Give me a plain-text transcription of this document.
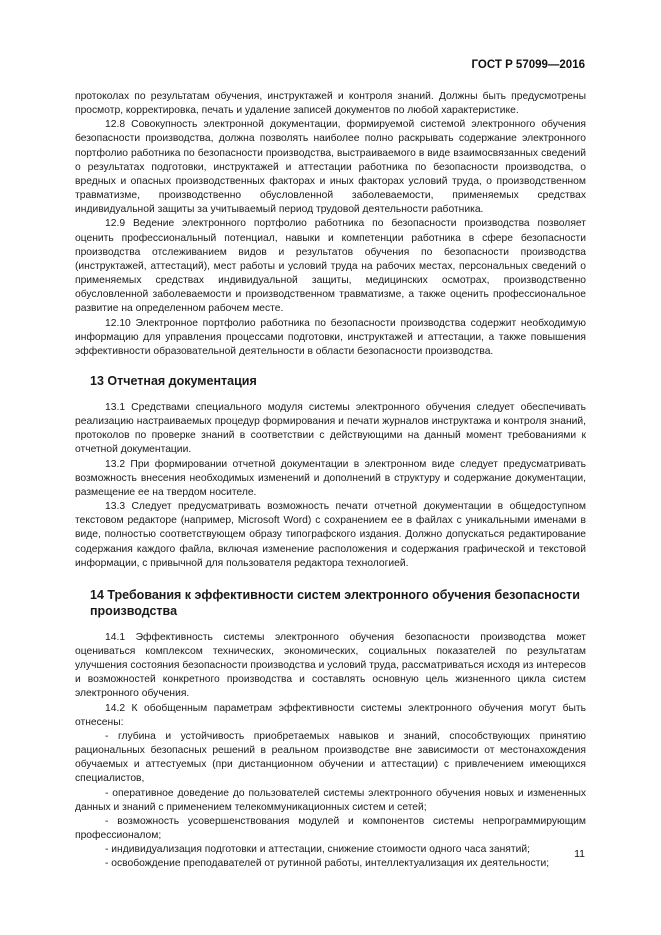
ГОСТ Р 57099—2016

протоколах по результатам обучения, инструктажей и контроля знаний. Должны быть предусмотрены просмотр, корректировка, печать и удаление записей документов по любой характеристике.

12.8 Совокупность электронной документации, формируемой системой электронного обучения безопасности производства, должна позволять наиболее полно раскрывать содержание электронного портфолио работника по безопасности производства, выстраиваемого в виде взаимосвязанных сведений о результатах подготовки, инструктажей и аттестации работника по безопасности производства, о вредных и опасных производственных факторах и иных факторах условий труда, о производственном травматизме, производственно обусловленной заболеваемости, применяемых средствах индивидуальной защиты за учитываемый период трудовой деятельности работника.

12.9 Ведение электронного портфолио работника по безопасности производства позволяет оценить профессиональный потенциал, навыки и компетенции работника в сфере безопасности производства отслеживанием видов и результатов обучения по безопасности производства (инструктажей, аттестаций), мест работы и условий труда на рабочих местах, персональных сведений о применяемых средствах индивидуальной защиты, медицинских осмотрах, производственно обусловленной заболеваемости и производственном травматизме, а также оценить профессиональное развитие на определенном рабочем месте.

12.10 Электронное портфолио работника по безопасности производства содержит необходимую информацию для управления процессами подготовки, инструктажей и аттестации, а также повышения эффективности образовательной деятельности в области безопасности производства.

13 Отчетная документация

13.1 Средствами специального модуля системы электронного обучения следует обеспечивать реализацию настраиваемых процедур формирования и печати журналов инструктажа и контроля знаний, протоколов по проверке знаний в соответствии с действующими на данный момент требованиями к отчетной документации.

13.2 При формировании отчетной документации в электронном виде следует предусматривать возможность внесения необходимых изменений и дополнений в структуру и содержание документации, размещение ее на твердом носителе.

13.3 Следует предусматривать возможность печати отчетной документации в общедоступном текстовом редакторе (например, Microsoft Word) с сохранением ее в файлах с уникальными именами в виде, полностью соответствующем образу типографского издания. Должно допускаться редактирование содержания каждого файла, включая изменение расположения и содержания графической и текстовой информации, с привычной для пользователя редактора технологией.

14 Требования к эффективности систем электронного обучения безопасности производства

14.1 Эффективность системы электронного обучения безопасности производства может оцениваться комплексом технических, экономических, социальных показателей по результатам улучшения состояния безопасности производства и условий труда, рассматриваться исходя из интересов и возможностей конкретного производства и составлять основную цель жизненного цикла систем электронного обучения.

14.2 К обобщенным параметрам эффективности системы электронного обучения могут быть отнесены:

- глубина и устойчивость приобретаемых навыков и знаний, способствующих принятию рациональных безопасных решений в реальном производстве вне зависимости от местонахождения обучаемых и аттестуемых (при дистанционном обучении и аттестации) с привлечением имеющихся специалистов,

- оперативное доведение до пользователей системы электронного обучения новых и измененных данных и знаний с применением телекоммуникационных систем и сетей;

- возможность усовершенствования модулей и компонентов системы непрограммирующим профессионалом;

- индивидуализация подготовки и аттестации, снижение стоимости одного часа занятий;

- освобождение преподавателей от рутинной работы, интеллектуализация их деятельности;

11
